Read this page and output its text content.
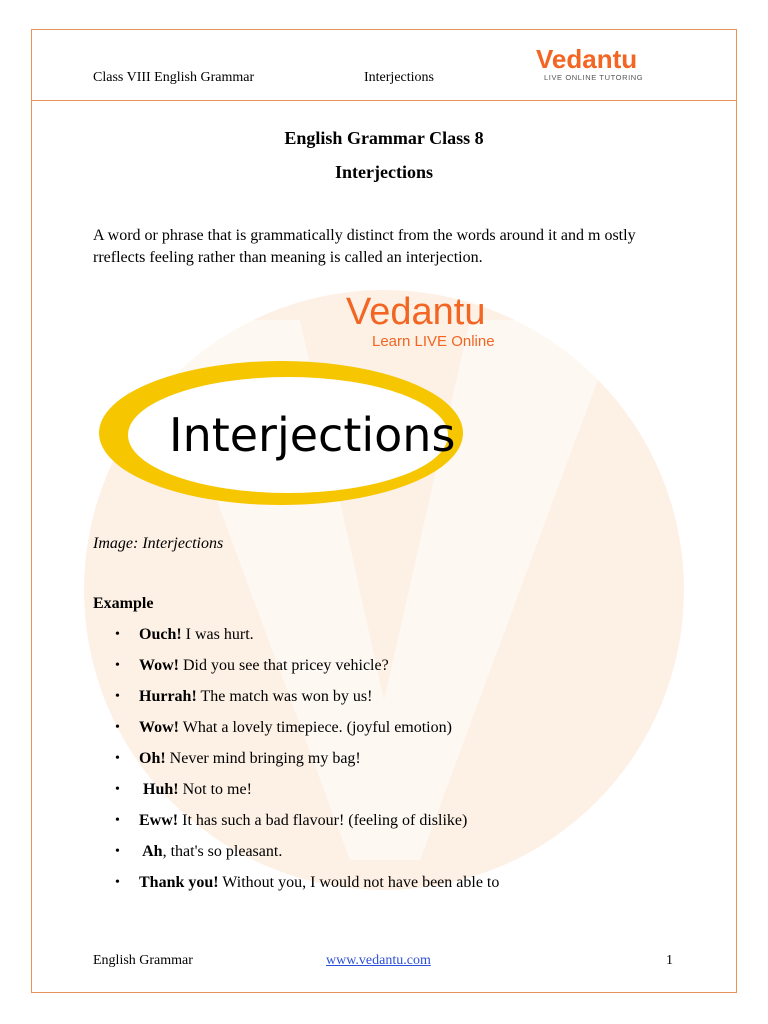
Class VIII English Grammar	Interjections
Vedantu
LIVE ONLINE TUTORING
English Grammar Class 8
Interjections
A word or phrase that is grammatically distinct from the words around it and m ostly rreflects feeling rather than meaning is called an interjection.
Vedantu
Learn LIVE Online
Interjections
Image: Interjections
Example
• Ouch! I was hurt.
• Wow! Did you see that pricey vehicle?
• Hurrah! The match was won by us!
• Wow! What a lovely timepiece. (joyful emotion)
• Oh! Never mind bringing my bag!
•  Huh! Not to me!
• Eww! It has such a bad flavour! (feeling of dislike)
•  Ah, that's so pleasant.
• Thank you! Without you, I would not have been able to
English Grammar	www.vedantu.com	1
